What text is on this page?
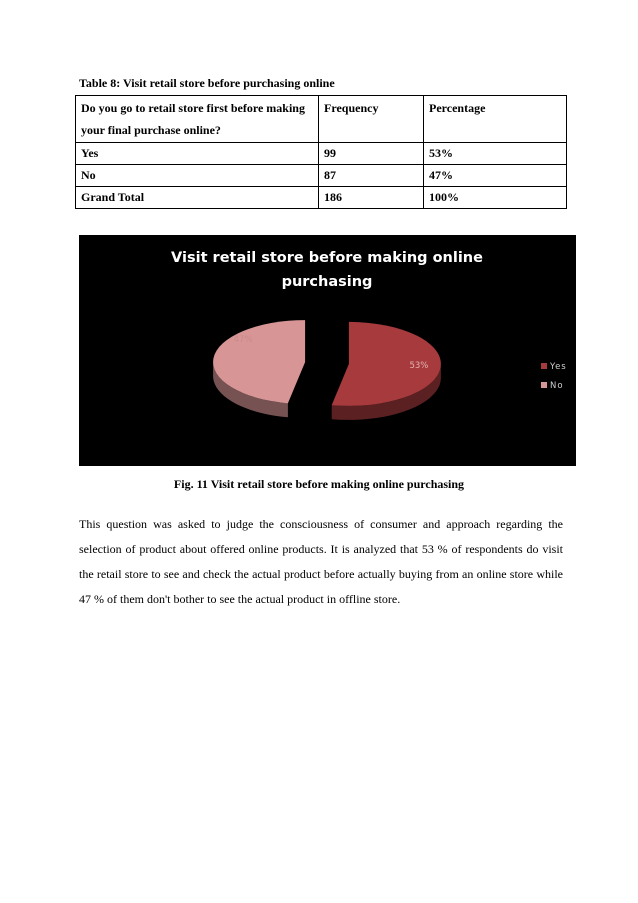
Table 8: Visit retail store before purchasing online
Do you go to retail store first before making your final purchase online?	Frequency	Percentage
Yes	99	53%
No	87	47%
Grand Total	186	100%
Visit retail store before making online
purchasing
53%
47%
Yes
No
Fig. 11 Visit retail store before making online purchasing

This question was asked to judge the consciousness of consumer and approach regarding the selection of product about offered online products. It is analyzed that 53 % of respondents do visit the retail store to see and check the actual product before actually buying from an online store while 47 % of them don't bother to see the actual product in offline store.
